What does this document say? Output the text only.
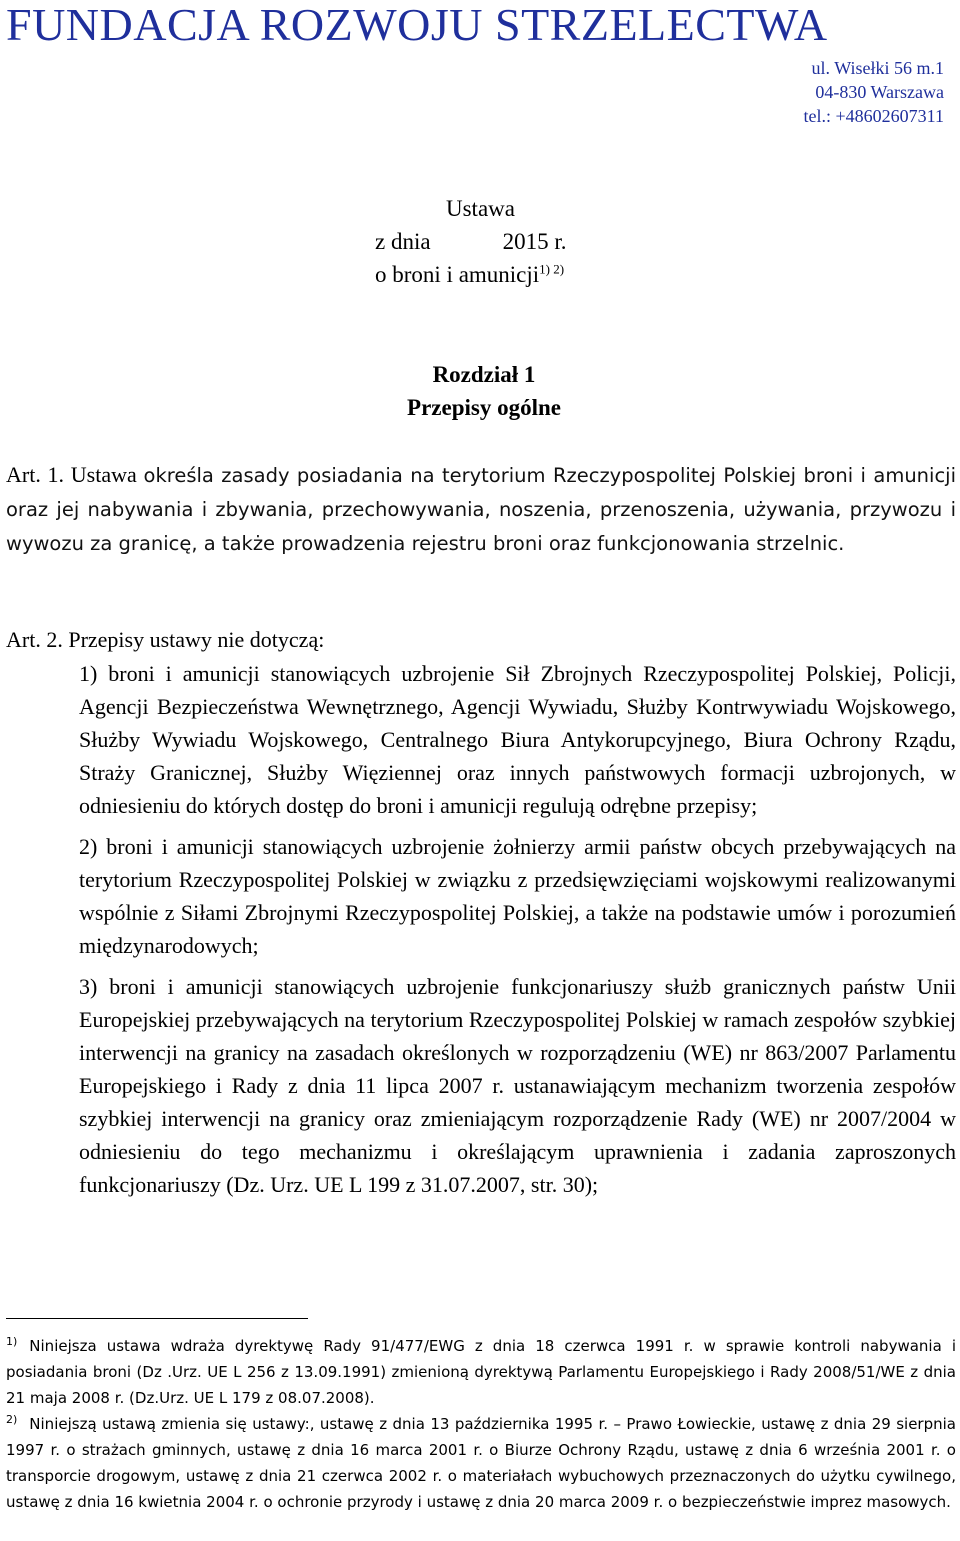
FUNDACJA ROZWOJU STRZELECTWA
ul. Wisełki 56 m.1
04-830 Warszawa
tel.: +48602607311
Ustawa
z dnia	2015 r.
o broni i amunicji$^{1) 2)}$
Rozdział 1
Przepisy ogólne
Art. 1. Ustawa określa zasady posiadania na terytorium Rzeczypospolitej Polskiej broni i amunicji oraz jej nabywania i zbywania, przechowywania, noszenia, przenoszenia, używania, przywozu i wywozu za granicę, a także prowadzenia rejestru broni oraz funkcjonowania strzelnic.
Art. 2. Przepisy ustawy nie dotyczą:

1) broni i amunicji stanowiących uzbrojenie Sił Zbrojnych Rzeczypospolitej Polskiej, Policji, Agencji Bezpieczeństwa Wewnętrznego, Agencji Wywiadu, Służby Kontrwywiadu Wojskowego, Służby Wywiadu Wojskowego, Centralnego Biura Antykorupcyjnego, Biura Ochrony Rządu, Straży Granicznej, Służby Więziennej oraz innych państwowych formacji uzbrojonych, w odniesieniu do których dostęp do broni i amunicji regulują odrębne przepisy;

2) broni i amunicji stanowiących uzbrojenie żołnierzy armii państw obcych przebywających na terytorium Rzeczypospolitej Polskiej w związku z przedsięwzięciami wojskowymi realizowanymi wspólnie z Siłami Zbrojnymi Rzeczypospolitej Polskiej, a także na podstawie umów i porozumień międzynarodowych;

3) broni i amunicji stanowiących uzbrojenie funkcjonariuszy służb granicznych państw Unii Europejskiej przebywających na terytorium Rzeczypospolitej Polskiej w ramach zespołów szybkiej interwencji na granicy na zasadach określonych w rozporządzeniu (WE) nr 863/2007 Parlamentu Europejskiego i Rady z dnia 11 lipca 2007 r. ustanawiającym mechanizm tworzenia zespołów szybkiej interwencji na granicy oraz zmieniającym rozporządzenie Rady (WE) nr 2007/2004 w odniesieniu do tego mechanizmu i określającym uprawnienia i zadania zaproszonych funkcjonariuszy (Dz. Urz. UE L 199 z 31.07.2007, str. 30);

$^{1)}$ Niniejsza ustawa wdraża dyrektywę Rady 91/477/EWG z dnia 18 czerwca 1991 r. w sprawie kontroli nabywania i posiadania broni (Dz .Urz. UE L 256 z 13.09.1991) zmienioną dyrektywą Parlamentu Europejskiego i Rady 2008/51/WE z dnia 21 maja 2008 r. (Dz.Urz. UE L 179 z 08.07.2008).

$^{2)}$ Niniejszą ustawą zmienia się ustawy:, ustawę z dnia 13 października 1995 r. – Prawo Łowieckie, ustawę z dnia 29 sierpnia 1997 r. o strażach gminnych, ustawę z dnia 16 marca 2001 r. o Biurze Ochrony Rządu, ustawę z dnia 6 września 2001 r. o transporcie drogowym, ustawę z dnia 21 czerwca 2002 r. o materiałach wybuchowych przeznaczonych do użytku cywilnego, ustawę z dnia 16 kwietnia 2004 r. o ochronie przyrody i ustawę z dnia 20 marca 2009 r. o bezpieczeństwie imprez masowych.
